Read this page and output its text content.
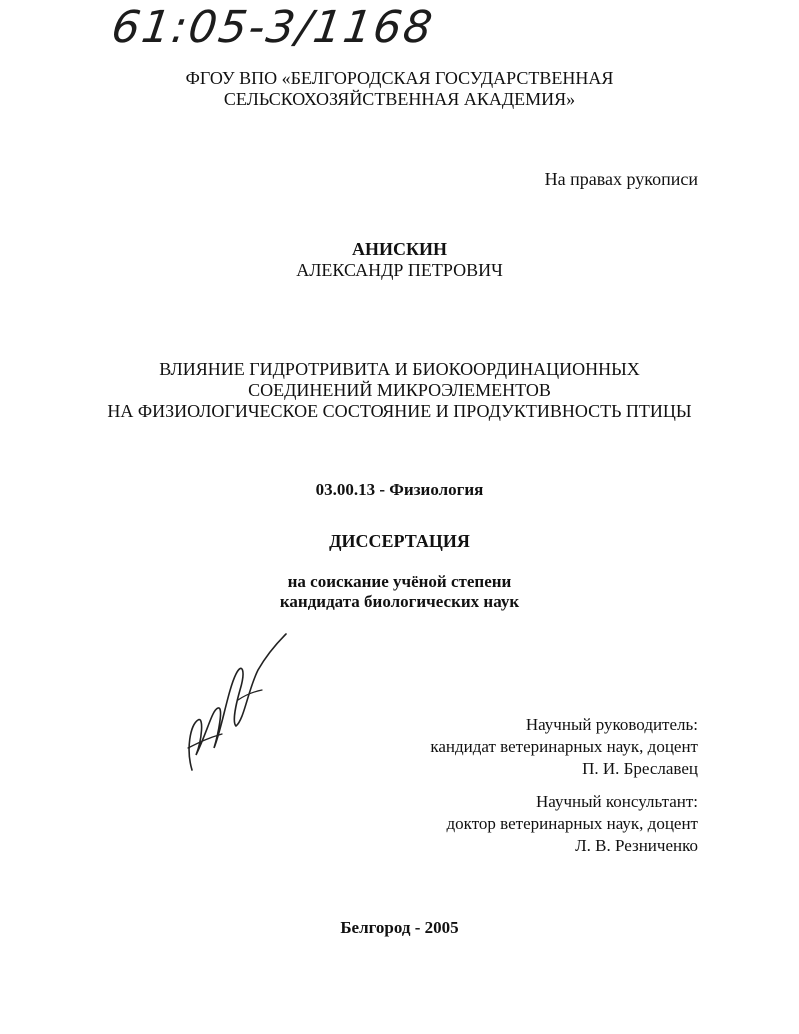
61:05-3/1168
ФГОУ ВПО «БЕЛГОРОДСКАЯ ГОСУДАРСТВЕННАЯ
СЕЛЬСКОХОЗЯЙСТВЕННАЯ АКАДЕМИЯ»
На правах рукописи
АНИСКИН
АЛЕКСАНДР ПЕТРОВИЧ
ВЛИЯНИЕ ГИДРОТРИВИТА И БИОКООРДИНАЦИОННЫХ
СОЕДИНЕНИЙ МИКРОЭЛЕМЕНТОВ
НА ФИЗИОЛОГИЧЕСКОЕ СОСТОЯНИЕ И ПРОДУКТИВНОСТЬ ПТИЦЫ
03.00.13 - Физиология
ДИССЕРТАЦИЯ
на соискание учёной степени
кандидата биологических наук
Научный руководитель:
кандидат ветеринарных наук, доцент
П. И. Бреславец
Научный консультант:
доктор ветеринарных наук, доцент
Л. В. Резниченко
Белгород - 2005
